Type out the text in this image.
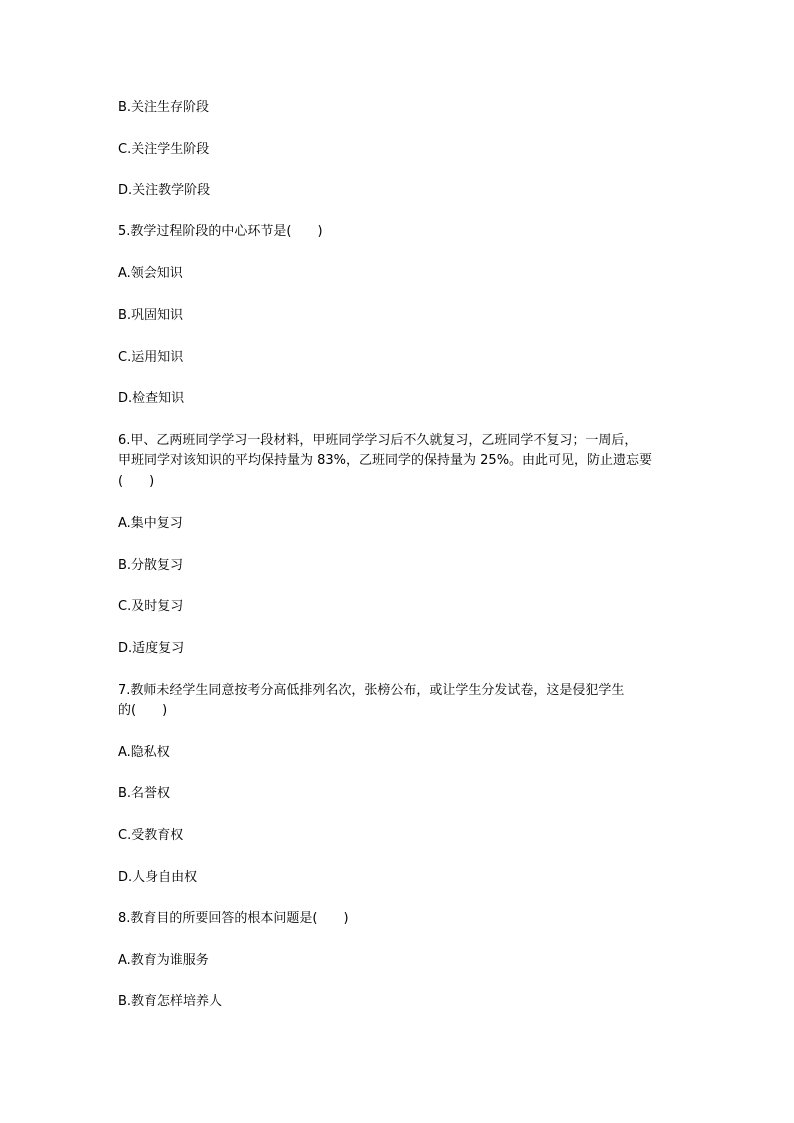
B.关注生存阶段
C.关注学生阶段
D.关注教学阶段
5.教学过程阶段的中心环节是(　　)
A.领会知识
B.巩固知识
C.运用知识
D.检查知识
6.甲、乙两班同学学习一段材料，甲班同学学习后不久就复习，乙班同学不复习；一周后，
甲班同学对该知识的平均保持量为 83%，乙班同学的保持量为 25%。由此可见，防止遗忘要
(　　)
A.集中复习
B.分散复习
C.及时复习
D.适度复习
7.教师未经学生同意按考分高低排列名次，张榜公布，或让学生分发试卷，这是侵犯学生
的(　　)
A.隐私权
B.名誉权
C.受教育权
D.人身自由权
8.教育目的所要回答的根本问题是(　　)
A.教育为谁服务
B.教育怎样培养人
